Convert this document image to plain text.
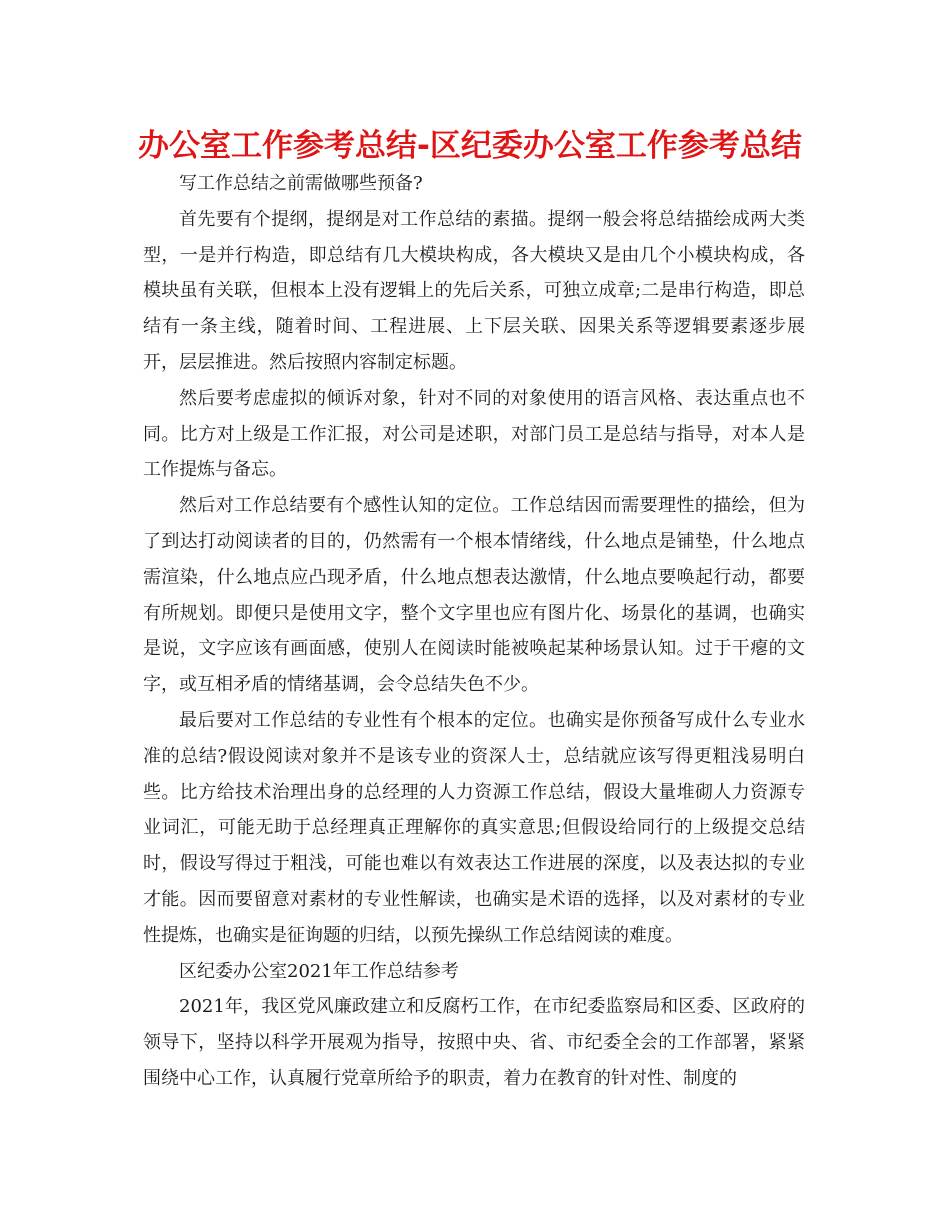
办公室工作参考总结-区纪委办公室工作参考总结

写工作总结之前需做哪些预备?

首先要有个提纲，提纲是对工作总结的素描。提纲一般会将总结描绘成两大类型，一是并行构造，即总结有几大模块构成，各大模块又是由几个小模块构成，各模块虽有关联，但根本上没有逻辑上的先后关系，可独立成章;二是串行构造，即总结有一条主线，随着时间、工程进展、上下层关联、因果关系等逻辑要素逐步展开，层层推进。然后按照内容制定标题。

然后要考虑虚拟的倾诉对象，针对不同的对象使用的语言风格、表达重点也不同。比方对上级是工作汇报，对公司是述职，对部门员工是总结与指导，对本人是工作提炼与备忘。

然后对工作总结要有个感性认知的定位。工作总结因而需要理性的描绘，但为了到达打动阅读者的目的，仍然需有一个根本情绪线，什么地点是铺垫，什么地点需渲染，什么地点应凸现矛盾，什么地点想表达激情，什么地点要唤起行动，都要有所规划。即便只是使用文字，整个文字里也应有图片化、场景化的基调，也确实是说，文字应该有画面感，使别人在阅读时能被唤起某种场景认知。过于干瘪的文字，或互相矛盾的情绪基调，会令总结失色不少。

最后要对工作总结的专业性有个根本的定位。也确实是你预备写成什么专业水准的总结?假设阅读对象并不是该专业的资深人士，总结就应该写得更粗浅易明白些。比方给技术治理出身的总经理的人力资源工作总结，假设大量堆砌人力资源专业词汇，可能无助于总经理真正理解你的真实意思;但假设给同行的上级提交总结时，假设写得过于粗浅，可能也难以有效表达工作进展的深度，以及表达拟的专业才能。因而要留意对素材的专业性解读，也确实是术语的选择，以及对素材的专业性提炼，也确实是征询题的归结，以预先操纵工作总结阅读的难度。

区纪委办公室2021年工作总结参考

2021年，我区党风廉政建立和反腐朽工作，在市纪委监察局和区委、区政府的领导下，坚持以科学开展观为指导，按照中央、省、市纪委全会的工作部署，紧紧围绕中心工作，认真履行党章所给予的职责，着力在教育的针对性、制度的
